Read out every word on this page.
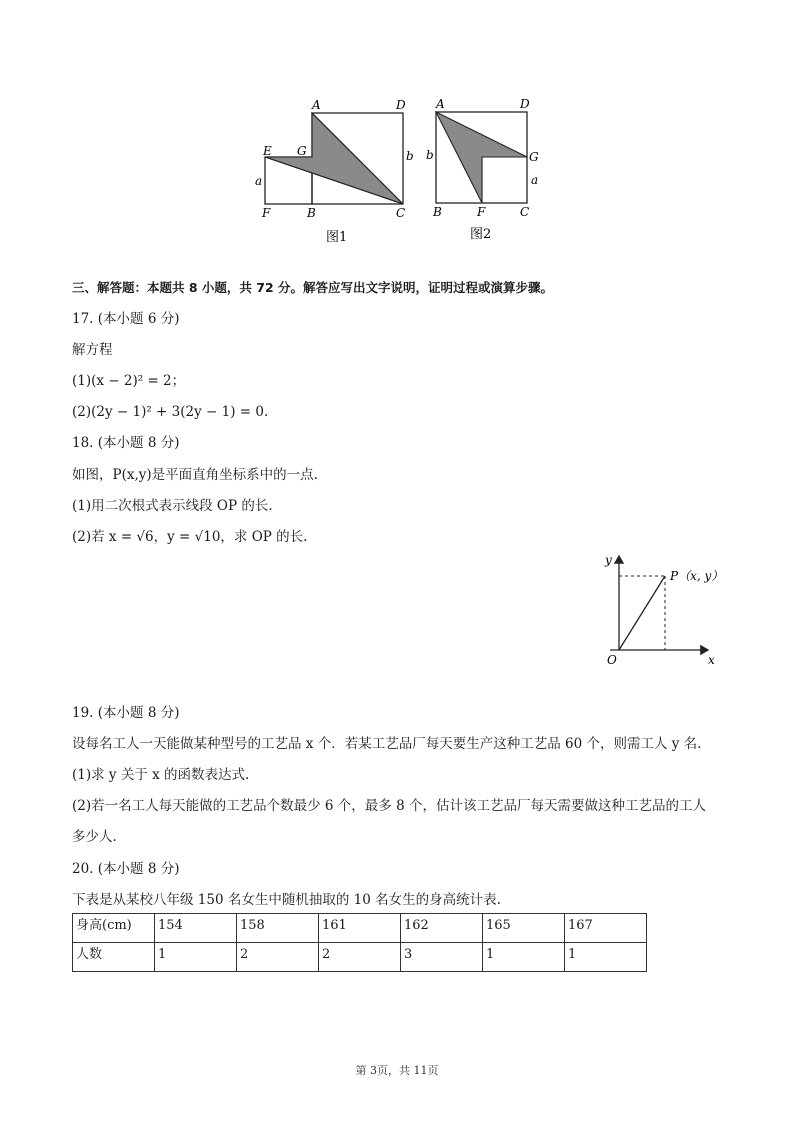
A	D
E G	b
a
F	B	C
图1
A	D
b	G
a
B	F	C
图2
三、解答题：本题共 8 小题，共 72 分。解答应写出文字说明，证明过程或演算步骤。
17. (本小题 6 分)
解方程
(1)(x − 2)² = 2；
(2)(2y − 1)² + 3(2y − 1) = 0.
18. (本小题 8 分)
如图，P(x,y)是平面直角坐标系中的一点.
(1)用二次根式表示线段 OP 的长.
(2)若 x = √6，y = √10，求 OP 的长.
y
x
O
P（x, y）
19. (本小题 8 分)
设每名工人一天能做某种型号的工艺品 x 个．若某工艺品厂每天要生产这种工艺品 60 个，则需工人 y 名.
(1)求 y 关于 x 的函数表达式.
(2)若一名工人每天能做的工艺品个数最少 6 个，最多 8 个，估计该工艺品厂每天需要做这种工艺品的工人
多少人.
20. (本小题 8 分)
下表是从某校八年级 150 名女生中随机抽取的 10 名女生的身高统计表.
身高(cm)	154	158	161	162	165	167
人数	1	2	2	3	1	1
第 3页，共 11页
